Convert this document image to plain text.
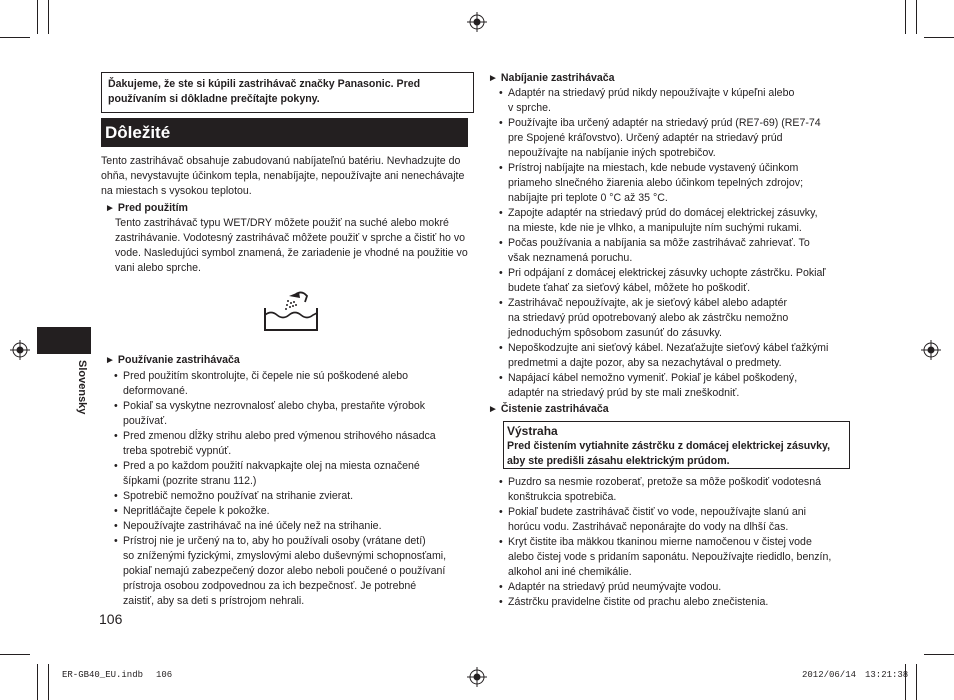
Slovensky
Ďakujeme, že ste si kúpili zastrihávač značky Panasonic. Pred používaním si dôkladne prečítajte pokyny.
Dôležité
Tento zastrihávač obsahuje zabudovanú nabíjateľnú batériu. Nevhadzujte do ohňa, nevystavujte účinkom tepla, nenabíjajte, nepoužívajte ani nenechávajte na miestach s vysokou teplotou.
► Pred použitím
Tento zastrihávač typu WET/DRY môžete použiť na suché alebo mokré zastrihávanie. Vodotesný zastrihávač môžete použiť v sprche a čistiť ho vo vode. Nasledujúci symbol znamená, že zariadenie je vhodné na použitie vo vani alebo sprche.
► Používanie zastrihávača
• Pred použitím skontrolujte, či čepele nie sú poškodené alebo
deformované.
• Pokiaľ sa vyskytne nezrovnalosť alebo chyba, prestaňte výrobok
používať.
• Pred zmenou dĺžky strihu alebo pred výmenou strihového násadca
treba spotrebič vypnúť.
• Pred a po každom použití nakvapkajte olej na miesta označené
šípkami (pozrite stranu 112.)
• Spotrebič nemožno používať na strihanie zvierat.
• Nepritláčajte čepele k pokožke.
• Nepoužívajte zastrihávač na iné účely než na strihanie.
• Prístroj nie je určený na to, aby ho používali osoby (vrátane detí)
so zníženými fyzickými, zmyslovými alebo duševnými schopnosťami,
pokiaľ nemajú zabezpečený dozor alebo neboli poučené o používaní
prístroja osobou zodpovednou za ich bezpečnosť. Je potrebné
zaistiť, aby sa deti s prístrojom nehrali.
106
► Nabíjanie zastrihávača
• Adaptér na striedavý prúd nikdy nepoužívajte v kúpeľni alebo
v sprche.
• Používajte iba určený adaptér na striedavý prúd (RE7-69) (RE7-74
pre Spojené kráľovstvo). Určený adaptér na striedavý prúd
nepoužívajte na nabíjanie iných spotrebičov.
• Prístroj nabíjajte na miestach, kde nebude vystavený účinkom
priameho slnečného žiarenia alebo účinkom tepelných zdrojov;
nabíjajte pri teplote 0 °C až 35 °C.
• Zapojte adaptér na striedavý prúd do domácej elektrickej zásuvky,
na mieste, kde nie je vlhko, a manipulujte ním suchými rukami.
• Počas používania a nabíjania sa môže zastrihávač zahrievať. To
však neznamená poruchu.
• Pri odpájaní z domácej elektrickej zásuvky uchopte zástrčku. Pokiaľ
budete ťahať za sieťový kábel, môžete ho poškodiť.
• Zastrihávač nepoužívajte, ak je sieťový kábel alebo adaptér
na striedavý prúd opotrebovaný alebo ak zástrčku nemožno
jednoduchým spôsobom zasunúť do zásuvky.
• Nepoškodzujte ani sieťový kábel. Nezaťažujte sieťový kábel ťažkými
predmetmi a dajte pozor, aby sa nezachytával o predmety.
• Napájací kábel nemožno vymeniť. Pokiaľ je kábel poškodený,
adaptér na striedavý prúd by ste mali zneškodniť.
► Čistenie zastrihávača
Výstraha
Pred čistením vytiahnite zástrčku z domácej elektrickej zásuvky, aby ste predišli zásahu elektrickým prúdom.
• Puzdro sa nesmie rozoberať, pretože sa môže poškodiť vodotesná
konštrukcia spotrebiča.
• Pokiaľ budete zastrihávač čistiť vo vode, nepoužívajte slanú ani
horúcu vodu. Zastrihávač neponárajte do vody na dlhší čas.
• Kryt čistite iba mäkkou tkaninou mierne namočenou v čistej vode
alebo čistej vode s pridaním saponátu. Nepoužívajte riedidlo, benzín,
alkohol ani iné chemikálie.
• Adaptér na striedavý prúd neumývajte vodou.
• Zástrčku pravidelne čistite od prachu alebo znečistenia.
ER-GB40_EU.indb 106	2012/06/14 13:21:38
